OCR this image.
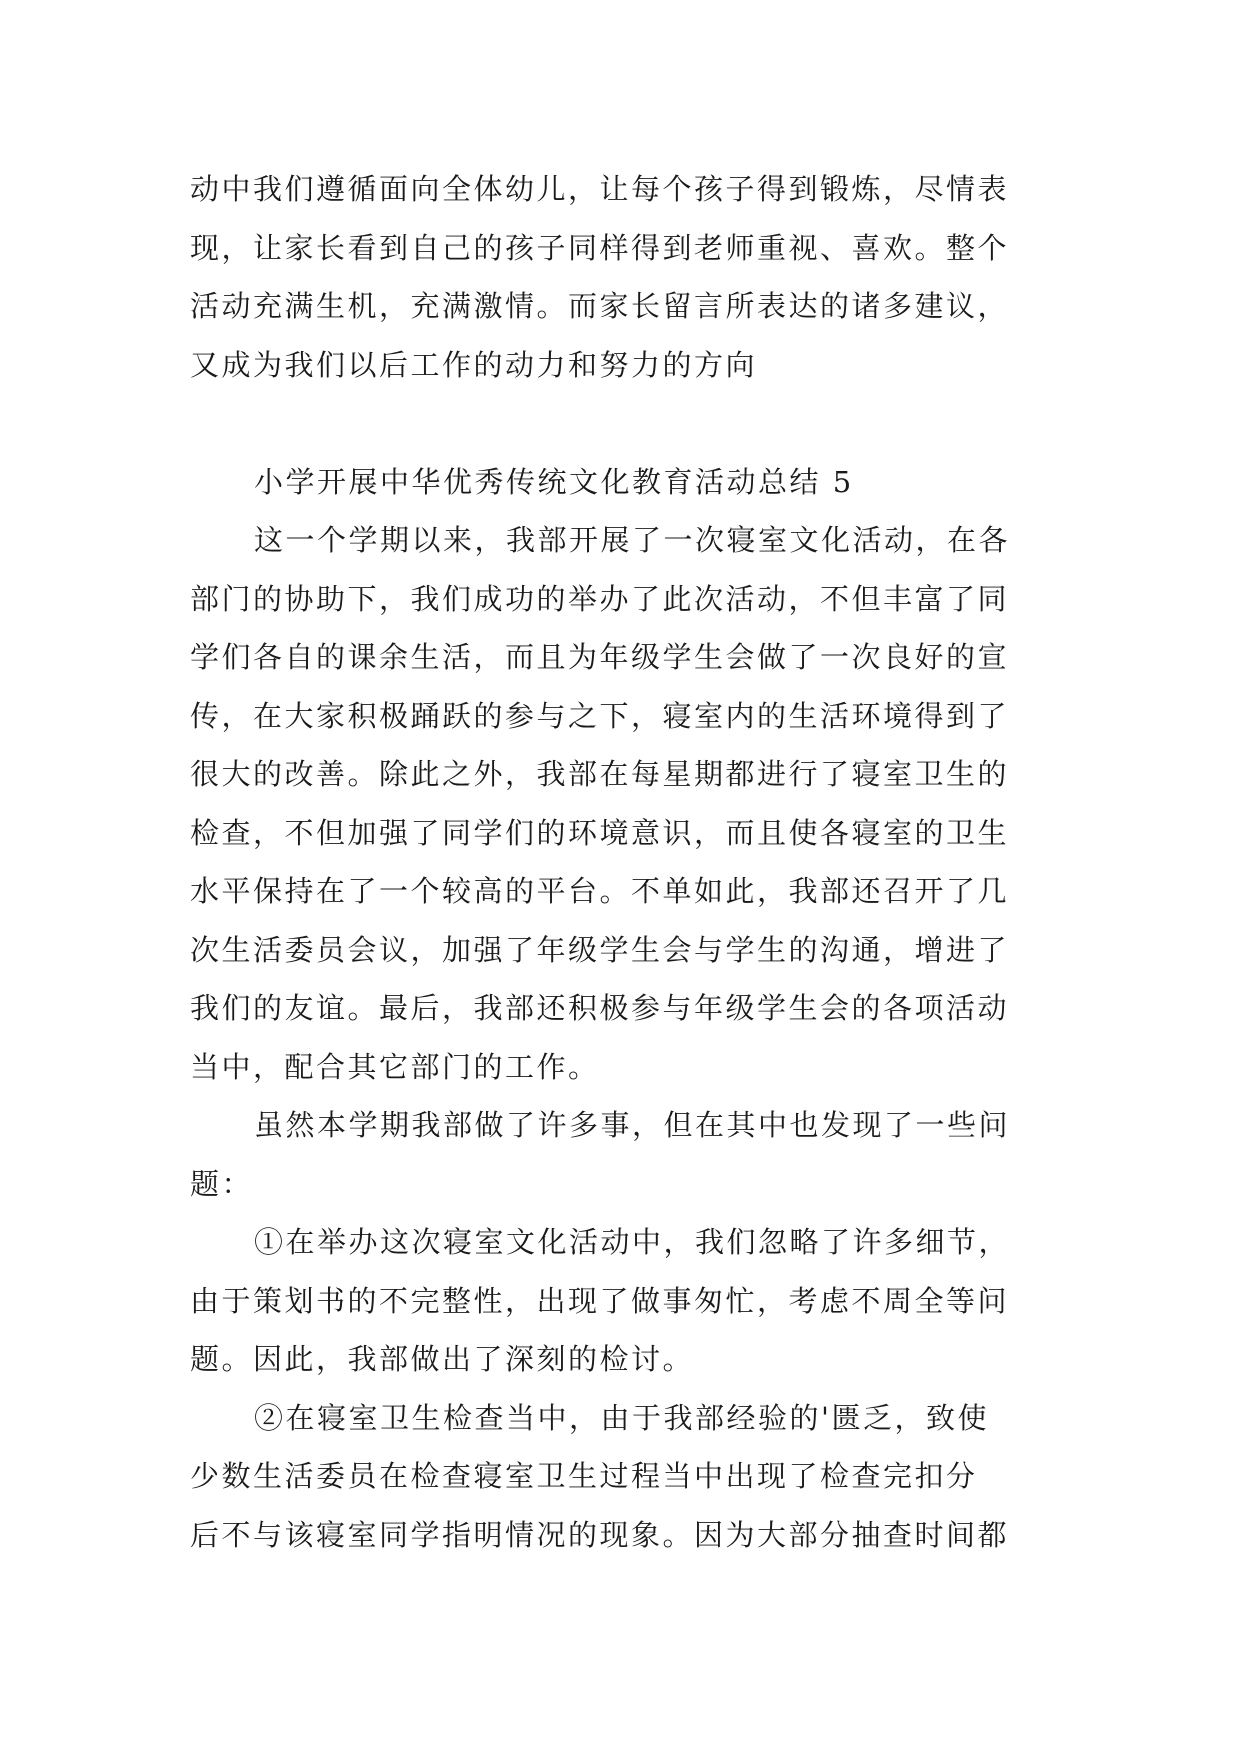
动中我们遵循面向全体幼儿，让每个孩子得到锻炼，尽情表
现，让家长看到自己的孩子同样得到老师重视、喜欢。整个
活动充满生机，充满激情。而家长留言所表达的诸多建议，
又成为我们以后工作的动力和努力的方向
小学开展中华优秀传统文化教育活动总结 5
这一个学期以来，我部开展了一次寝室文化活动，在各
部门的协助下，我们成功的举办了此次活动，不但丰富了同
学们各自的课余生活，而且为年级学生会做了一次良好的宣
传，在大家积极踊跃的参与之下，寝室内的生活环境得到了
很大的改善。除此之外，我部在每星期都进行了寝室卫生的
检查，不但加强了同学们的环境意识，而且使各寝室的卫生
水平保持在了一个较高的平台。不单如此，我部还召开了几
次生活委员会议，加强了年级学生会与学生的沟通，增进了
我们的友谊。最后，我部还积极参与年级学生会的各项活动
当中，配合其它部门的工作。
虽然本学期我部做了许多事，但在其中也发现了一些问
题：
①在举办这次寝室文化活动中，我们忽略了许多细节，
由于策划书的不完整性，出现了做事匆忙，考虑不周全等问
题。因此，我部做出了深刻的检讨。
②在寝室卫生检查当中，由于我部经验的'匮乏，致使
少数生活委员在检查寝室卫生过程当中出现了检查完扣分
后不与该寝室同学指明情况的现象。因为大部分抽查时间都
